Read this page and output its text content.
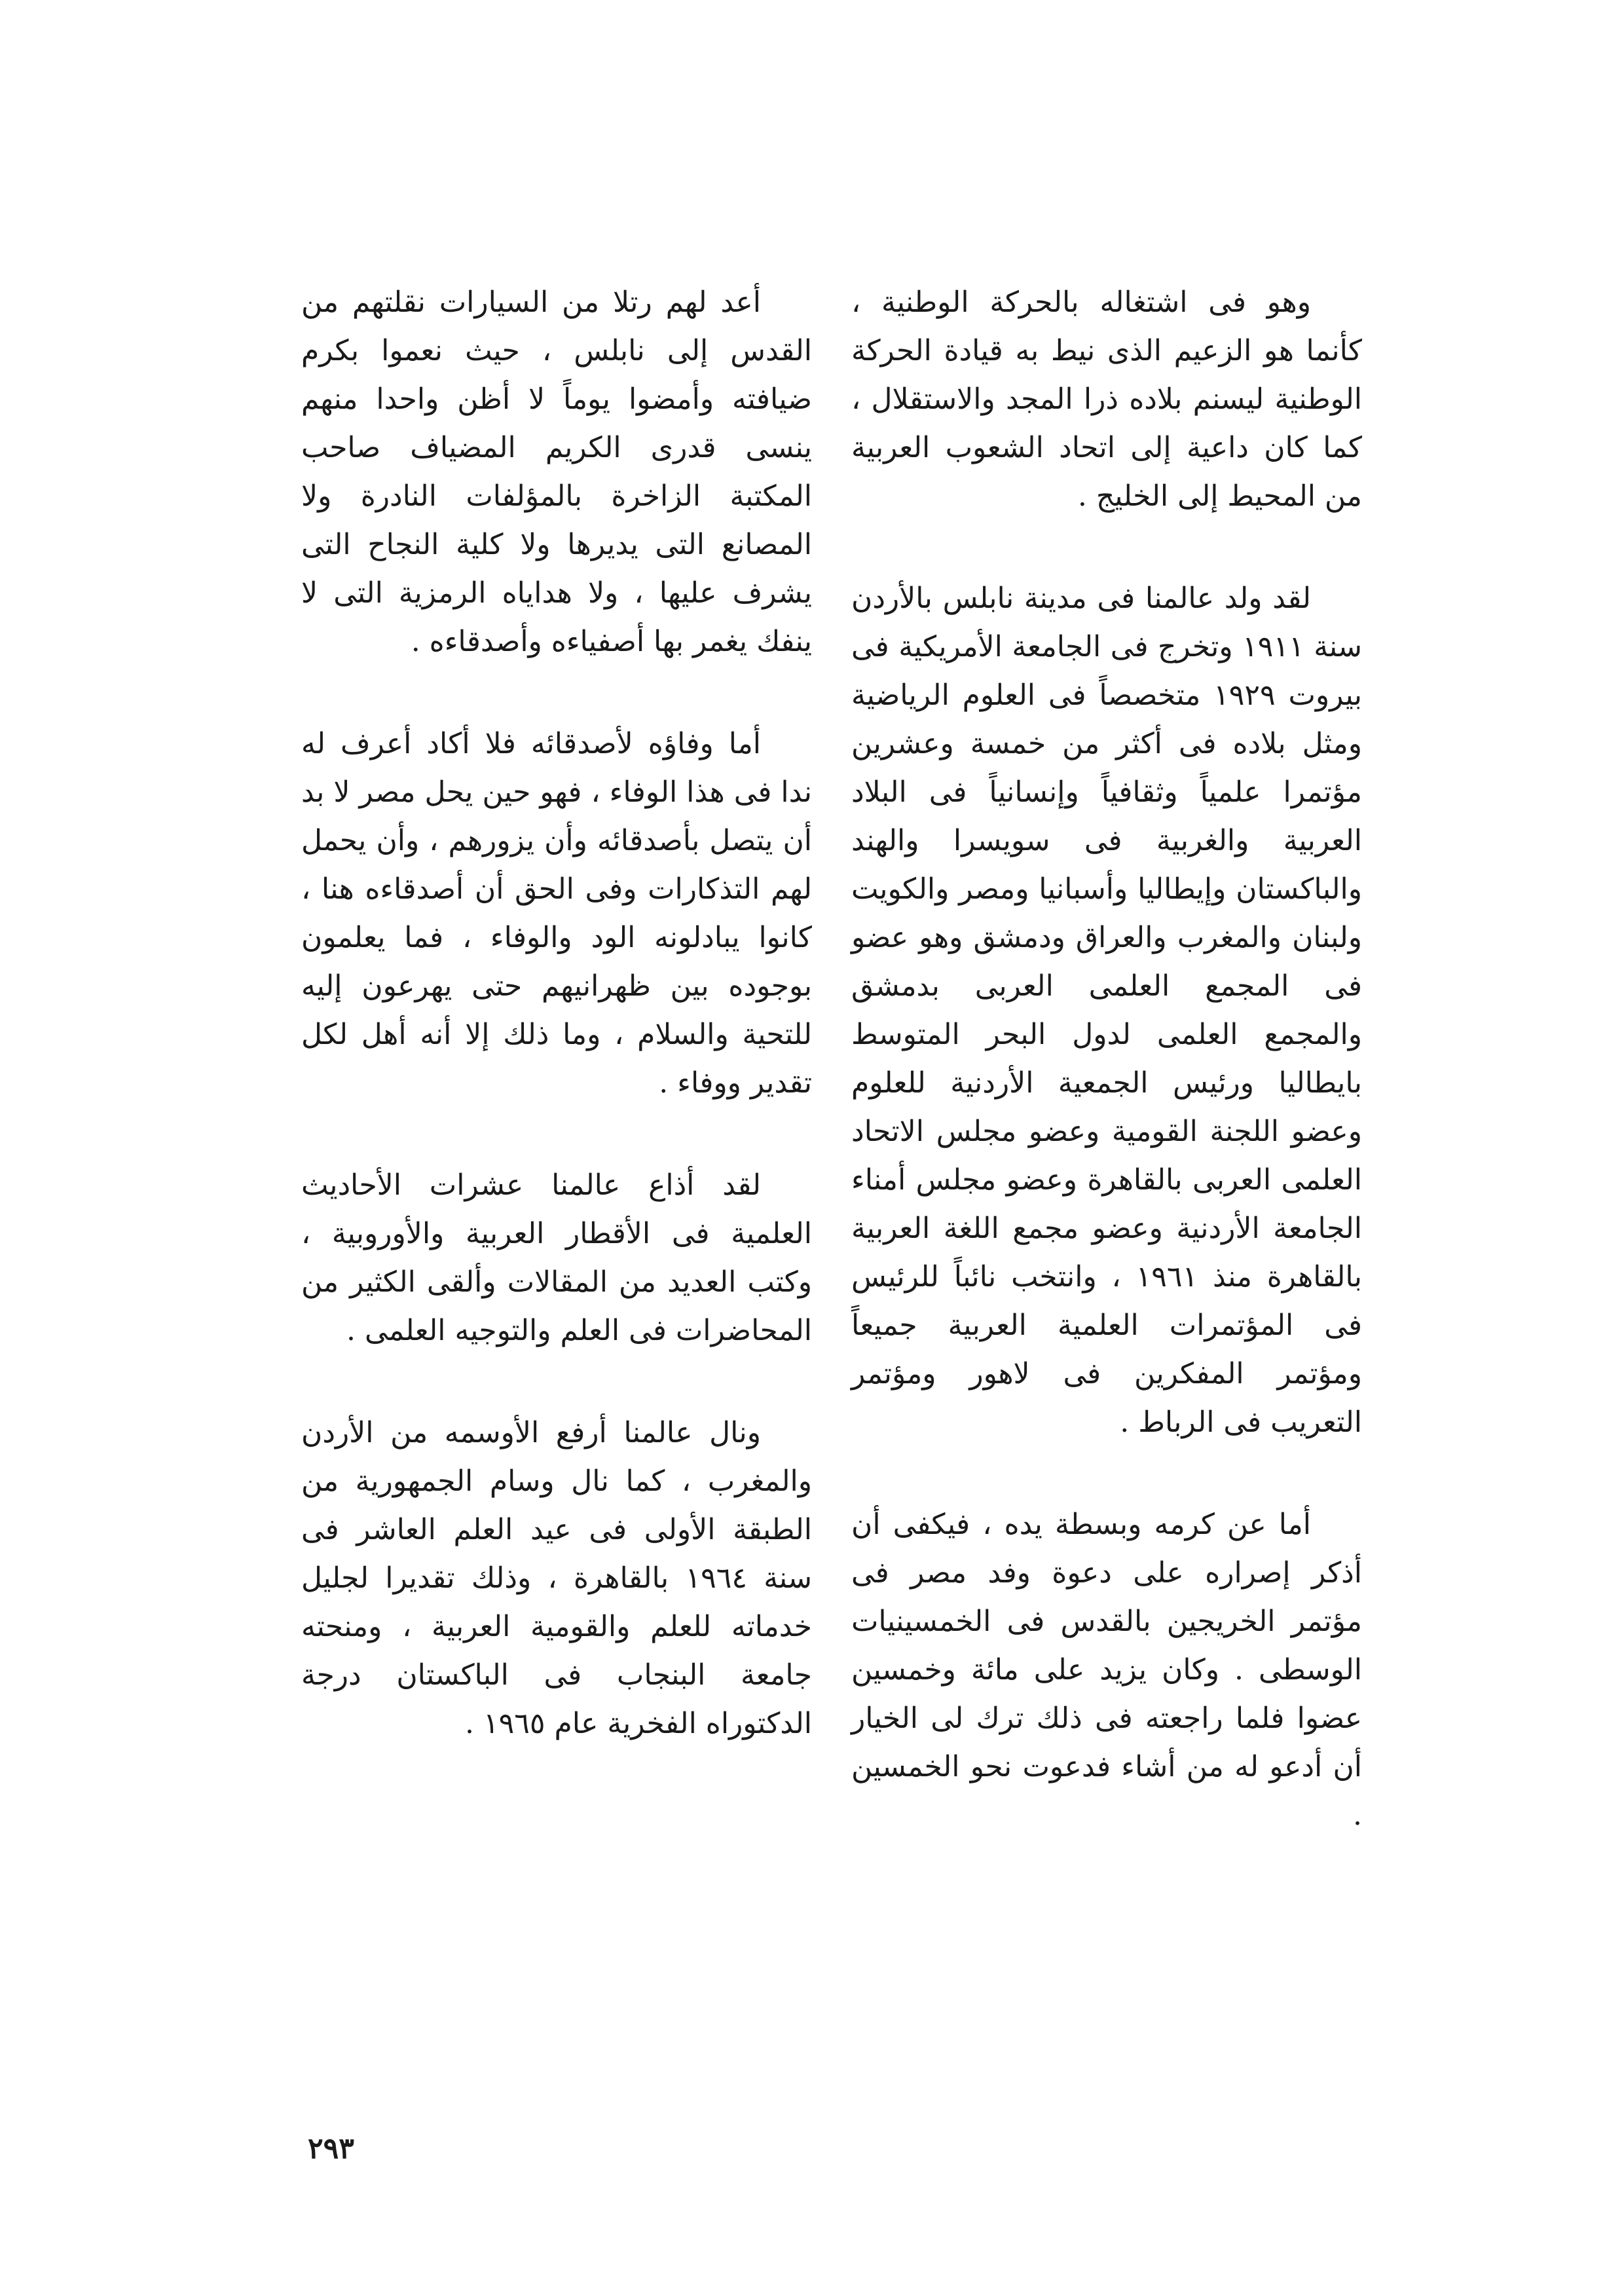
وهو فى اشتغاله بالحركة الوطنية ، كأنما هو الزعيم الذى نيط به قيادة الحركة الوطنية ليسنم بلاده ذرا المجد والاستقلال ، كما كان داعية إلى اتحاد الشعوب العربية من المحيط إلى الخليج .

لقد ولد عالمنا فى مدينة نابلس بالأردن سنة ١٩١١ وتخرج فى الجامعة الأمريكية فى بيروت ١٩٢٩ متخصصاً فى العلوم الرياضية ومثل بلاده فى أكثر من خمسة وعشرين مؤتمرا علمياً وثقافياً وإنسانياً فى البلاد العربية والغربية فى سويسرا والهند والباكستان وإيطاليا وأسبانيا ومصر والكويت ولبنان والمغرب والعراق ودمشق وهو عضو فى المجمع العلمى العربى بدمشق والمجمع العلمى لدول البحر المتوسط بايطاليا ورئيس الجمعية الأردنية للعلوم وعضو اللجنة القومية وعضو مجلس الاتحاد العلمى العربى بالقاهرة وعضو مجلس أمناء الجامعة الأردنية وعضو مجمع اللغة العربية بالقاهرة منذ ١٩٦١ ، وانتخب نائباً للرئيس فى المؤتمرات العلمية العربية جميعاً ومؤتمر المفكرين فى لاهور ومؤتمر التعريب فى الرباط .

أما عن كرمه وبسطة يده ، فيكفى أن أذكر إصراره على دعوة وفد مصر فى مؤتمر الخريجين بالقدس فى الخمسينيات الوسطى . وكان يزيد على مائة وخمسين عضوا فلما راجعته فى ذلك ترك لى الخيار أن أدعو له من أشاء فدعوت نحو الخمسين .

أعد لهم رتلا من السيارات نقلتهم من القدس إلى نابلس ، حيث نعموا بكرم ضيافته وأمضوا يوماً لا أظن واحدا منهم ينسى قدرى الكريم المضياف صاحب المكتبة الزاخرة بالمؤلفات النادرة ولا المصانع التى يديرها ولا كلية النجاح التى يشرف عليها ، ولا هداياه الرمزية التى لا ينفك يغمر بها أصفياءه وأصدقاءه .

أما وفاؤه لأصدقائه فلا أكاد أعرف له ندا فى هذا الوفاء ، فهو حين يحل مصر لا بد أن يتصل بأصدقائه وأن يزورهم ، وأن يحمل لهم التذكارات وفى الحق أن أصدقاءه هنا ، كانوا يبادلونه الود والوفاء ، فما يعلمون بوجوده بين ظهرانيهم حتى يهرعون إليه للتحية والسلام ، وما ذلك إلا أنه أهل لكل تقدير ووفاء .

لقد أذاع عالمنا عشرات الأحاديث العلمية فى الأقطار العربية والأوروبية ، وكتب العديد من المقالات وألقى الكثير من المحاضرات فى العلم والتوجيه العلمى .

ونال عالمنا أرفع الأوسمه من الأردن والمغرب ، كما نال وسام الجمهورية من الطبقة الأولى فى عيد العلم العاشر فى سنة ١٩٦٤ بالقاهرة ، وذلك تقديرا لجليل خدماته للعلم والقومية العربية ، ومنحته جامعة البنجاب فى الباكستان درجة الدكتوراه الفخرية عام ١٩٦٥ .

٢٩٣
